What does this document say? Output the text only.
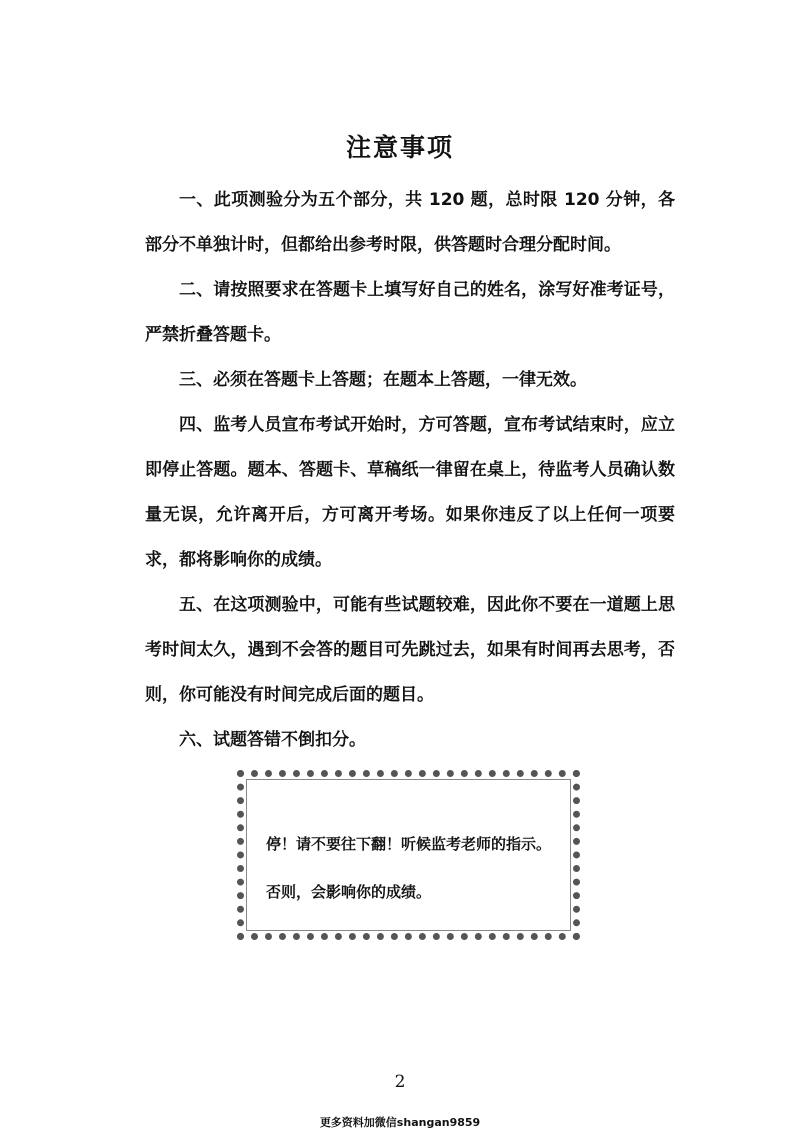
注意事项
一、此项测验分为五个部分，共 120 题，总时限 120 分钟，各部分不单独计时，但都给出参考时限，供答题时合理分配时间。
二、请按照要求在答题卡上填写好自己的姓名，涂写好准考证号，严禁折叠答题卡。
三、必须在答题卡上答题；在题本上答题，一律无效。
四、监考人员宣布考试开始时，方可答题，宣布考试结束时，应立即停止答题。题本、答题卡、草稿纸一律留在桌上，待监考人员确认数量无误，允许离开后，方可离开考场。如果你违反了以上任何一项要求，都将影响你的成绩。
五、在这项测验中，可能有些试题较难，因此你不要在一道题上思考时间太久，遇到不会答的题目可先跳过去，如果有时间再去思考，否则，你可能没有时间完成后面的题目。
六、试题答错不倒扣分。
停！请不要往下翻！听候监考老师的指示。
否则，会影响你的成绩。
2
更多资料加微信shangan9859
